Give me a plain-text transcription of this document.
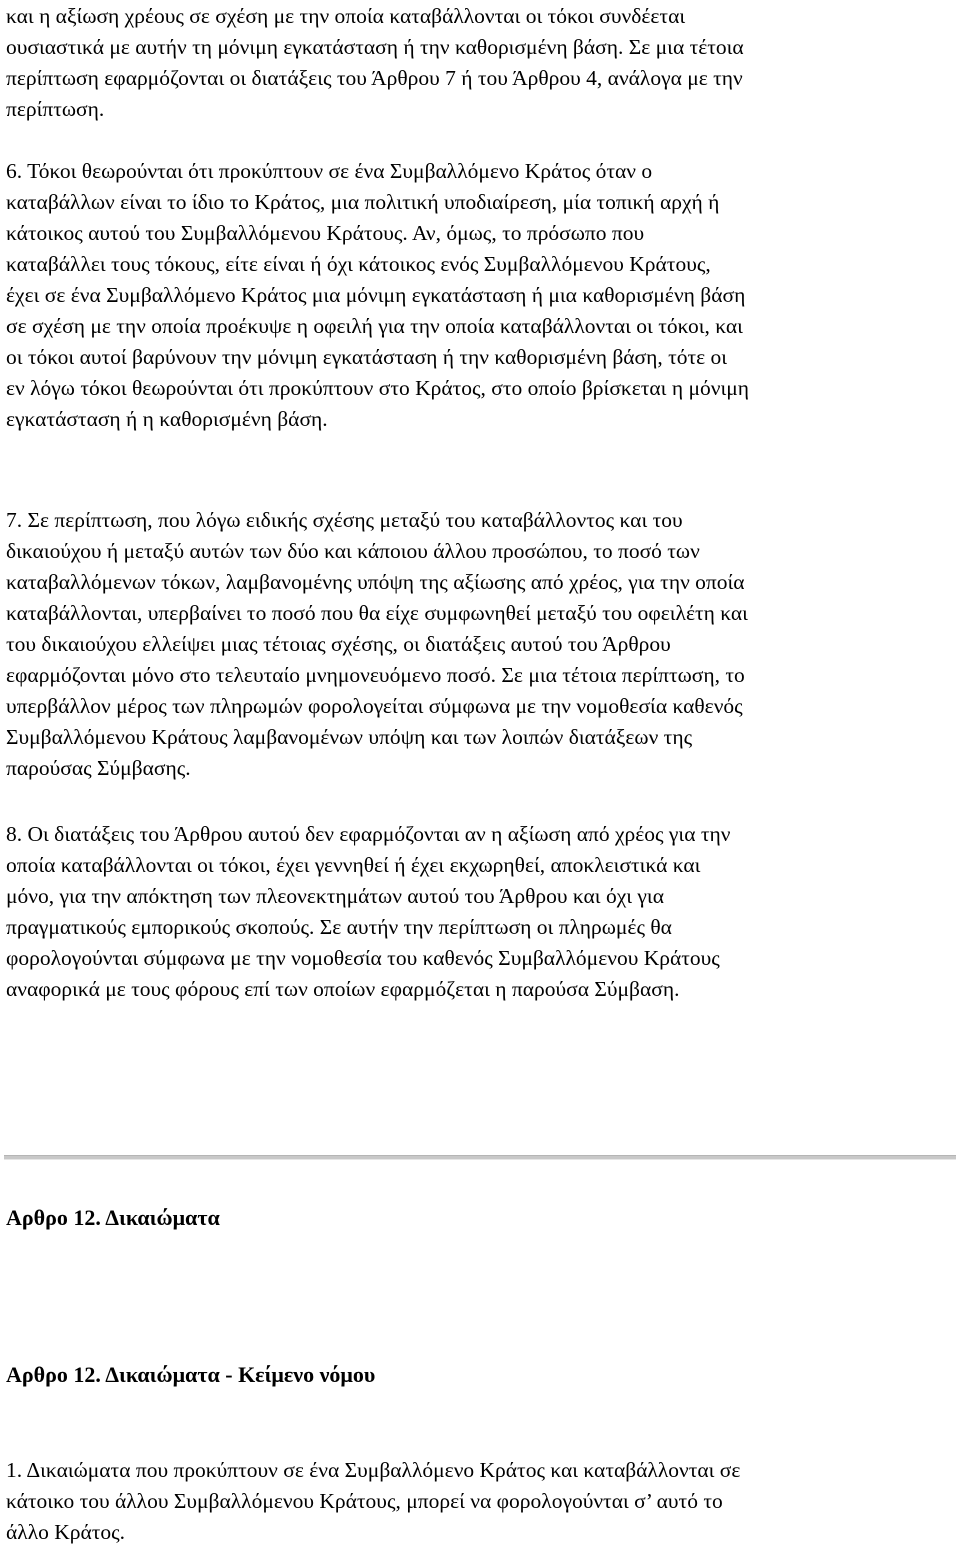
και η αξίωση χρέους σε σχέση με την οποία καταβάλλονται οι τόκοι συνδέεται
ουσιαστικά με αυτήν τη μόνιμη εγκατάσταση ή την καθορισμένη βάση. Σε μια τέτοια
περίπτωση εφαρμόζονται οι διατάξεις του Άρθρου 7 ή του Άρθρου 4, ανάλογα με την
περίπτωση.

6. Τόκοι θεωρούνται ότι προκύπτουν σε ένα Συμβαλλόμενο Κράτος όταν ο
καταβάλλων είναι το ίδιο το Κράτος, μια πολιτική υποδιαίρεση, μία τοπική αρχή ή
κάτοικος αυτού του Συμβαλλόμενου Κράτους. Αν, όμως, το πρόσωπο που
καταβάλλει τους τόκους, είτε είναι ή όχι κάτοικος ενός Συμβαλλόμενου Κράτους,
έχει σε ένα Συμβαλλόμενο Κράτος μια μόνιμη εγκατάσταση ή μια καθορισμένη βάση
σε σχέση με την οποία προέκυψε η οφειλή για την οποία καταβάλλονται οι τόκοι, και
οι τόκοι αυτοί βαρύνουν την μόνιμη εγκατάσταση ή την καθορισμένη βάση, τότε οι
εν λόγω τόκοι θεωρούνται ότι προκύπτουν στο Κράτος, στο οποίο βρίσκεται η μόνιμη
εγκατάσταση ή η καθορισμένη βάση.

7. Σε περίπτωση, που λόγω ειδικής σχέσης μεταξύ του καταβάλλοντος και του
δικαιούχου ή μεταξύ αυτών των δύο και κάποιου άλλου προσώπου, το ποσό των
καταβαλλόμενων τόκων, λαμβανομένης υπόψη της αξίωσης από χρέος, για την οποία
καταβάλλονται, υπερβαίνει το ποσό που θα είχε συμφωνηθεί μεταξύ του οφειλέτη και
του δικαιούχου ελλείψει μιας τέτοιας σχέσης, οι διατάξεις αυτού του Άρθρου
εφαρμόζονται μόνο στο τελευταίο μνημονευόμενο ποσό. Σε μια τέτοια περίπτωση, το
υπερβάλλον μέρος των πληρωμών φορολογείται σύμφωνα με την νομοθεσία καθενός
Συμβαλλόμενου Κράτους λαμβανομένων υπόψη και των λοιπών διατάξεων της
παρούσας Σύμβασης.

8. Οι διατάξεις του Άρθρου αυτού δεν εφαρμόζονται αν η αξίωση από χρέος για την
οποία καταβάλλονται οι τόκοι, έχει γεννηθεί ή έχει εκχωρηθεί, αποκλειστικά και
μόνο, για την απόκτηση των πλεονεκτημάτων αυτού του Άρθρου και όχι για
πραγματικούς εμπορικούς σκοπούς. Σε αυτήν την περίπτωση οι πληρωμές θα
φορολογούνται σύμφωνα με την νομοθεσία του καθενός Συμβαλλόμενου Κράτους
αναφορικά με τους φόρους επί των οποίων εφαρμόζεται η παρούσα Σύμβαση.

Αρθρο 12. Δικαιώματα
Αρθρο 12. Δικαιώματα - Κείμενο νόμου

1. Δικαιώματα που προκύπτουν σε ένα Συμβαλλόμενο Κράτος και καταβάλλονται σε
κάτοικο του άλλου Συμβαλλόμενου Κράτους, μπορεί να φορολογούνται σ’ αυτό το
άλλο Κράτος.
